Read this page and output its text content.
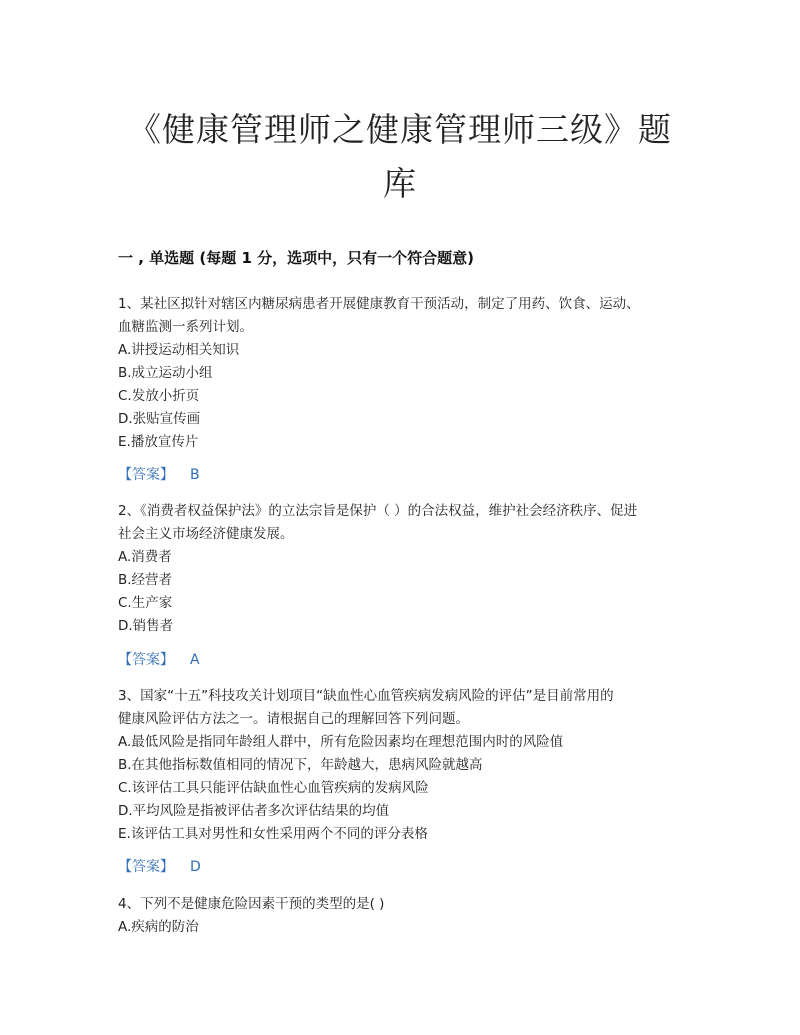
《健康管理师之健康管理师三级》题
库
一 , 单选题 (每题 1 分，选项中，只有一个符合题意)
1、某社区拟针对辖区内糖尿病患者开展健康教育干预活动，制定了用药、饮食、运动、
血糖监测一系列计划。
A.讲授运动相关知识
B.成立运动小组
C.发放小折页
D.张贴宣传画
E.播放宣传片
【答案】 B
2、《消费者权益保护法》的立法宗旨是保护（ ）的合法权益，维护社会经济秩序、促进
社会主义市场经济健康发展。
A.消费者
B.经营者
C.生产家
D.销售者
【答案】 A
3、国家“十五”科技攻关计划项目“缺血性心血管疾病发病风险的评估”是目前常用的
健康风险评估方法之一。请根据自己的理解回答下列问题。
A.最低风险是指同年龄组人群中，所有危险因素均在理想范围内时的风险值
B.在其他指标数值相同的情况下，年龄越大，患病风险就越高
C.该评估工具只能评估缺血性心血管疾病的发病风险
D.平均风险是指被评估者多次评估结果的均值
E.该评估工具对男性和女性采用两个不同的评分表格
【答案】 D
4、下列不是健康危险因素干预的类型的是( )
A.疾病的防治
